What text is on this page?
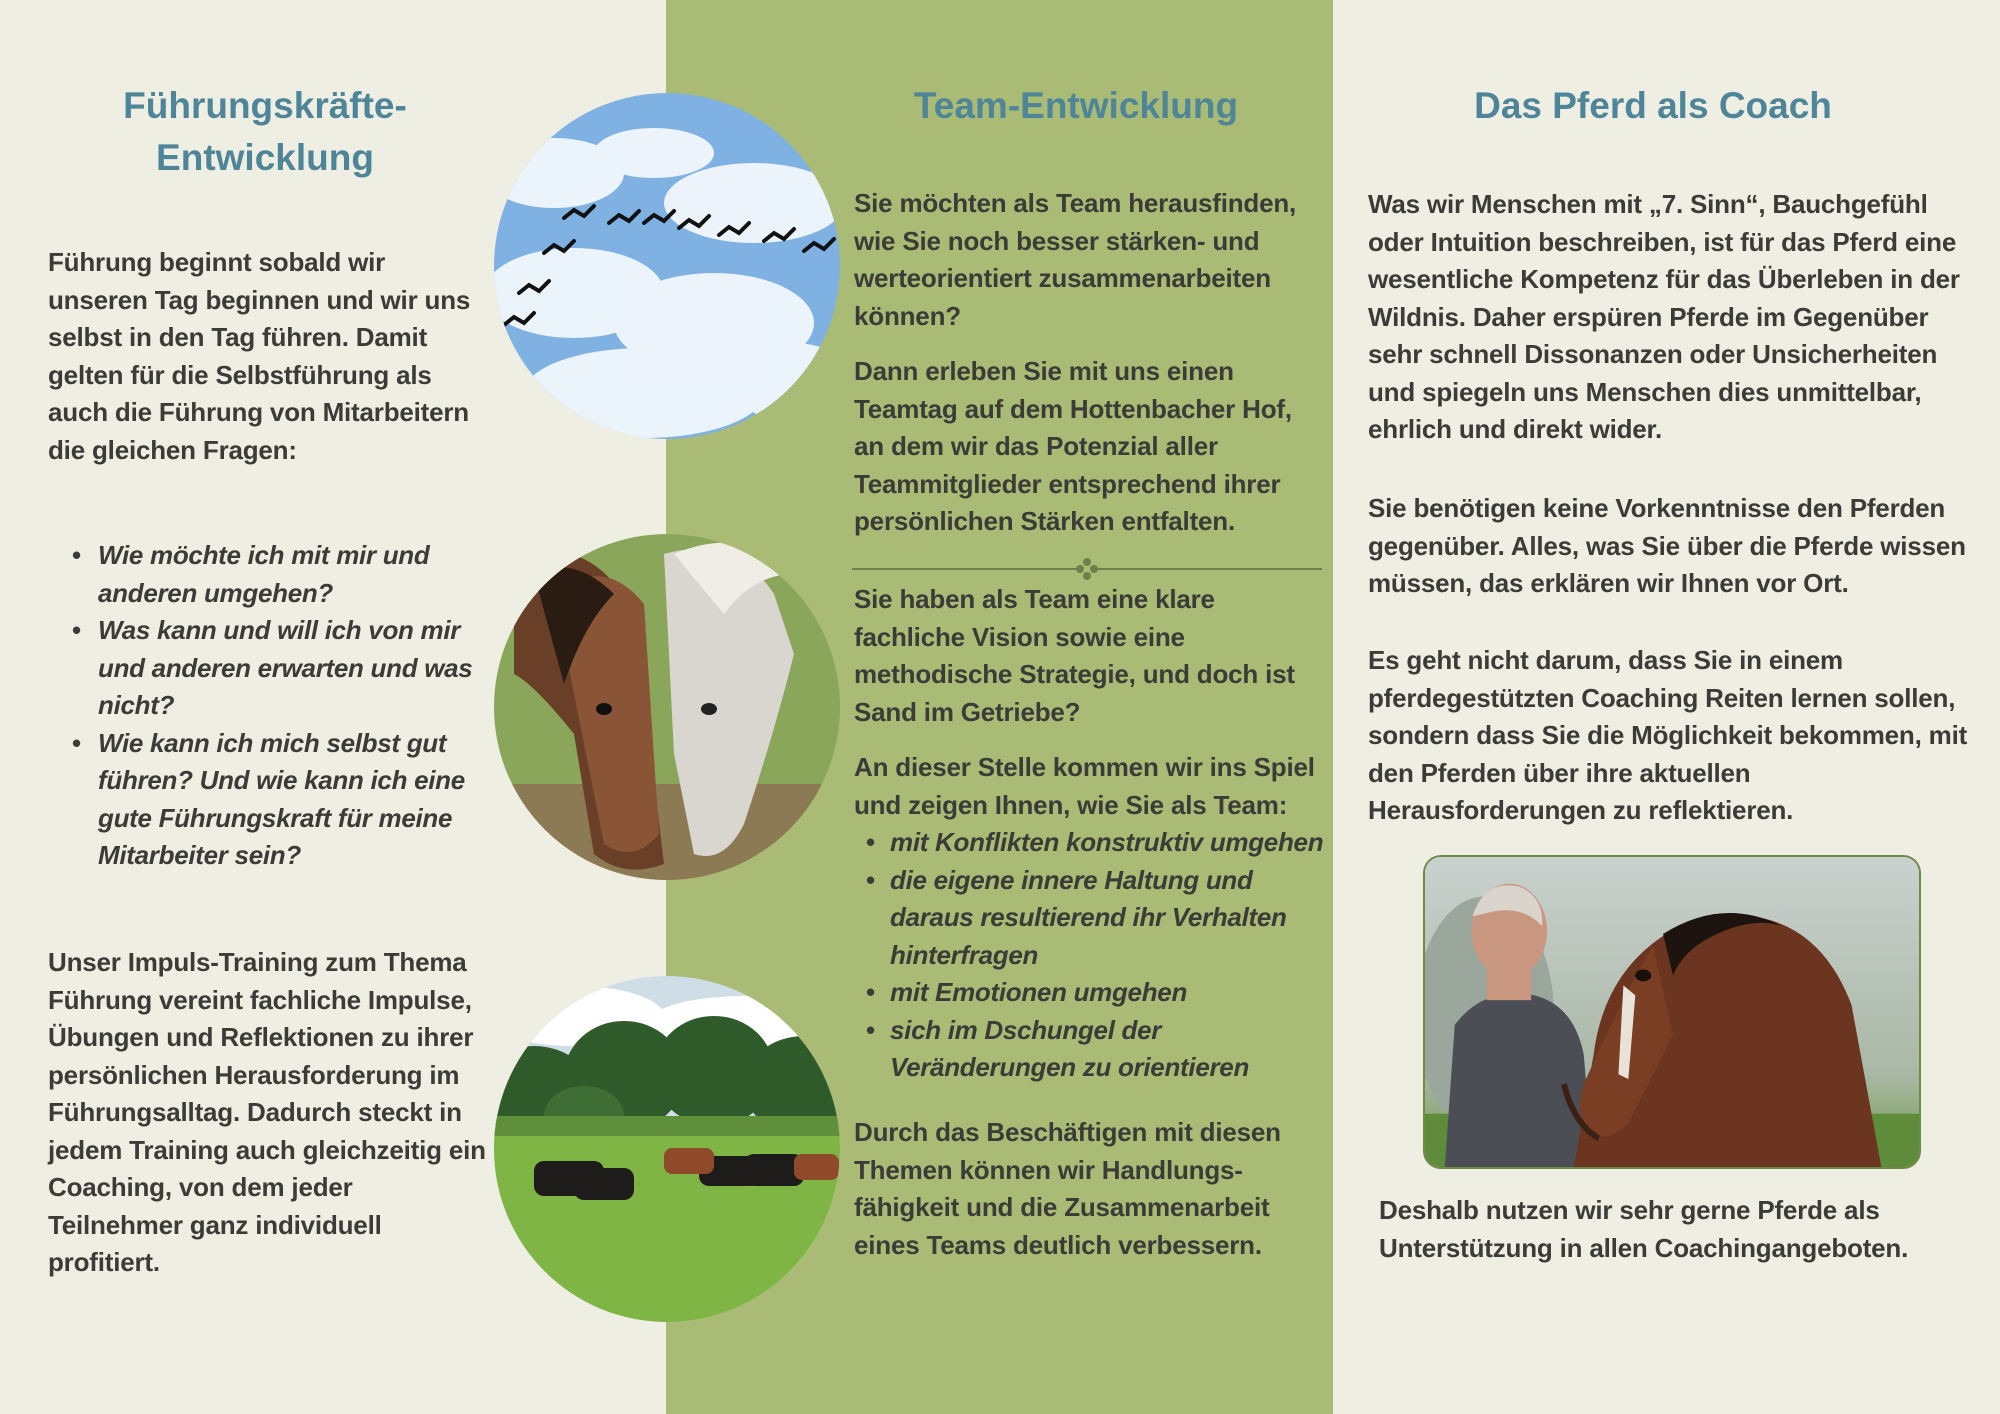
Führungskräfte-
Entwicklung

Führung beginnt sobald wir unseren Tag beginnen und wir uns selbst in den Tag führen. Damit gelten für die Selbstführung als auch die Führung von Mitarbeitern die gleichen Fragen:

• Wie möchte ich mit mir und anderen umgehen?
• Was kann und will ich von mir und anderen erwarten und was nicht?
• Wie kann ich mich selbst gut führen? Und wie kann ich eine gute Führungskraft für meine Mitarbeiter sein?

Unser Impuls-Training zum Thema Führung vereint fachliche Impulse, Übungen und Reflektionen zu ihrer persönlichen Herausforderung im Führungsalltag. Dadurch steckt in jedem Training auch gleichzeitig ein Coaching, von dem jeder Teilnehmer ganz individuell profitiert.

Team-Entwicklung

Sie möchten als Team herausfinden, wie Sie noch besser stärken- und werteorientiert zusammenarbeiten können?

Dann erleben Sie mit uns einen Teamtag auf dem Hottenbacher Hof, an dem wir das Potenzial aller Teammitglieder entsprechend ihrer persönlichen Stärken entfalten.

Sie haben als Team eine klare fachliche Vision sowie eine methodische Strategie, und doch ist Sand im Getriebe?

An dieser Stelle kommen wir ins Spiel und zeigen Ihnen, wie Sie als Team:

• mit Konflikten konstruktiv umgehen
• die eigene innere Haltung und daraus resultierend ihr Verhalten hinterfragen
• mit Emotionen umgehen
• sich im Dschungel der Veränderungen zu orientieren

Durch das Beschäftigen mit diesen Themen können wir Handlungs-fähigkeit und die Zusammenarbeit eines Teams deutlich verbessern.

Das Pferd als Coach

Was wir Menschen mit „7. Sinn“, Bauchgefühl oder Intuition beschreiben, ist für das Pferd eine wesentliche Kompetenz für das Überleben in der Wildnis. Daher erspüren Pferde im Gegenüber sehr schnell Dissonanzen oder Unsicherheiten und spiegeln uns Menschen dies unmittelbar, ehrlich und direkt wider.

Sie benötigen keine Vorkenntnisse den Pferden gegenüber. Alles, was Sie über die Pferde wissen müssen, das erklären wir Ihnen vor Ort.

Es geht nicht darum, dass Sie in einem pferdegestützten Coaching Reiten lernen sollen, sondern dass Sie die Möglichkeit bekommen, mit den Pferden über ihre aktuellen Herausforderungen zu reflektieren.

Deshalb nutzen wir sehr gerne Pferde als Unterstützung in allen Coachingangeboten.
